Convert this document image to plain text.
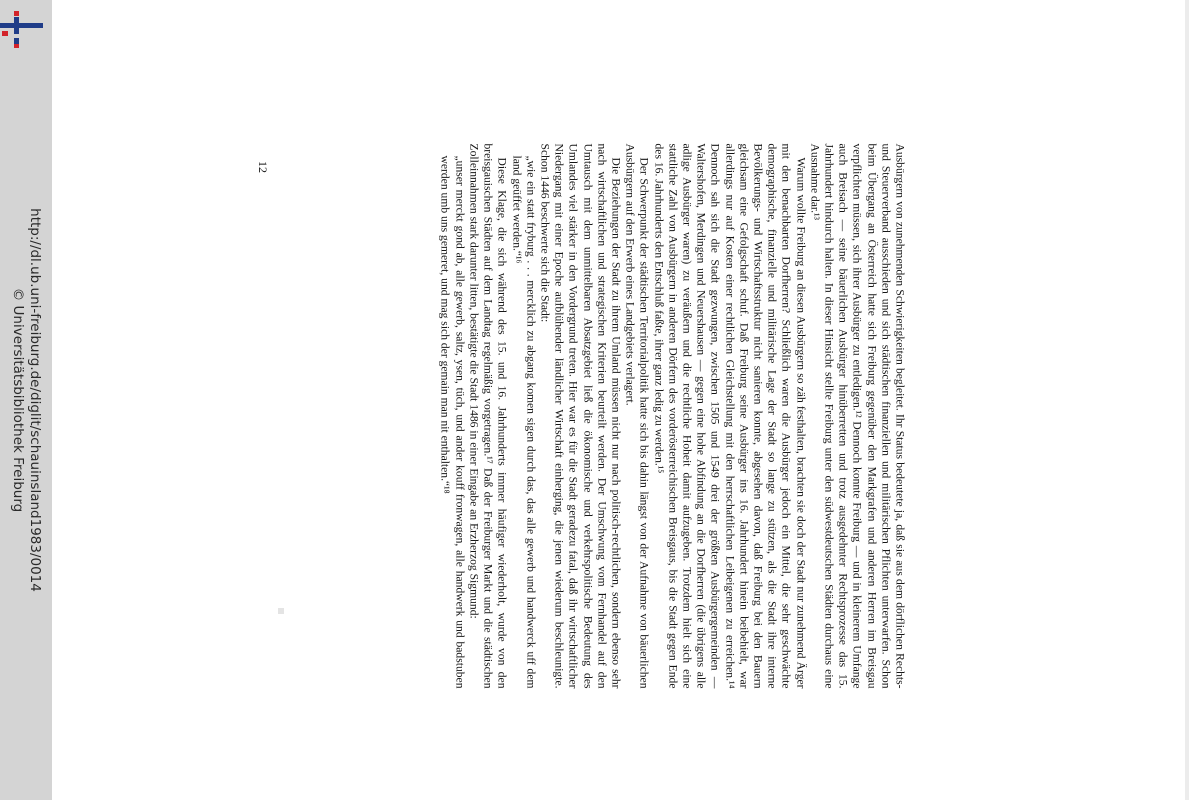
http://dl.ub.uni-freiburg.de/diglit/schauinsland1983/0014
© Universitätsbibliothek Freiburg
12	Ausbürgern von zunehmenden Schwierigkeiten begleitet. Ihr Status bedeutete ja, daß sie aus dem dörflichen Rechts- und Steuerverband ausschieden und sich städtischen finanziellen und militärischen Pflichten unterwarfen. Schon beim Übergang an Österreich hatte sich Freiburg gegenüber den Markgrafen und anderen Herren im Breisgau verpflichten müssen, sich ihrer Ausbürger zu entledigen.¹² Dennoch konnte Freiburg — und in kleinerem Umfange auch Breisach — seine bäuerlichen Ausbürger hinüberretten und trotz ausgedehnter Rechtsprozesse das 15. Jahrhundert hindurch halten. In dieser Hinsicht stellte Freiburg unter den südwestdeutschen Städten durchaus eine Ausnahme dar.¹³

Warum wollte Freiburg an diesen Ausbürgern so zäh festhalten, brachten sie doch der Stadt nur zunehmend Ärger mit den benachbarten Dorfherren? Schließlich waren die Ausbürger jedoch ein Mittel, die sehr geschwächte demographische, finanzielle und militärische Lage der Stadt so lange zu stützen, als die Stadt ihre interne Bevölkerungs- und Wirtschaftsstruktur nicht sanieren konnte, abgesehen davon, daß Freiburg bei den Bauern gleichsam eine Gefolgschaft schuf. Daß Freiburg seine Ausbürger ins 16. Jahrhundert hinein beibehielt, war allerdings nur auf Kosten einer rechtlichen Gleichstellung mit den herrschaftlichen Leibeigenen zu erreichen.¹⁴ Dennoch sah sich die Stadt gezwungen, zwischen 1505 und 1549 drei der größten Ausbürgergemeinden — Waltershofen, Merdingen und Neuershausen — gegen eine hohe Abfindung an die Dorfherren (die übrigens alle adlige Ausbürger waren) zu veräußern und die rechtliche Hoheit damit aufzugeben. Trotzdem hielt sich eine stattliche Zahl von Ausbürgern in anderen Dörfern des vorderösterreichischen Breisgaus, bis die Stadt gegen Ende des 16. Jahrhunderts den Entschluß faßte, ihrer ganz ledig zu werden.¹⁵

Der Schwerpunkt der städtischen Territorialpolitik hatte sich bis dahin längst von der Aufnahme von bäuerlichen Ausbürgern auf den Erwerb eines Landgebiets verlagert.

Die Beziehungen der Stadt zu ihrem Umland müssen nicht nur nach politisch-rechtlichen, sondern ebenso sehr nach wirtschaftlichen und strategischen Kriterien beurteilt werden. Der Umschwung vom Fernhandel auf den Umtausch mit dem unmittelbaren Absatzgebiet ließ die ökonomische und verkehrspolitische Bedeutung des Umlandes viel stärker in den Vordergrund treten. Hier war es für die Stadt geradezu fatal, daß ihr wirtschaftlicher Niedergang mit einer Epoche aufblühender ländlicher Wirtschaft einherging, die jenen wiederum beschleunigte. Schon 1446 beschwerte sich die Stadt:

„wie ein statt fryburg . . . mercklich zu abgang komen sigen durch das, das alle gewerb und handwerck uff dem land geüffet werden.“¹⁶

Diese Klage, die sich während des 15. und 16. Jahrhunderts immer häufiger wiederholt, wurde von den breisgauischen Städten auf dem Landtag regelmäßig vorgetragen.¹⁷ Daß der Freiburger Markt und die städtischen Zolleinnahmen stark darunter litten, bestätigte die Stadt 1486 in einer Eingabe an Erzherzog Sigmund:

„unser merckt gond ab, alle gewerb, saltz, ysen, tüch, und ander kouff fronwagen, alle handwerk und badstuben werden umb uns gemeret, und mag sich der gemain man nit enthalten.“¹⁸
